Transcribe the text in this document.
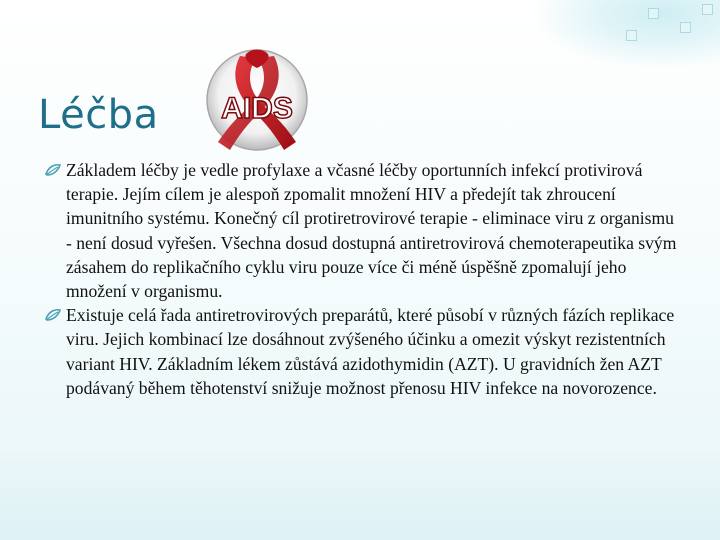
Léčba AIDS

Základem léčby je vedle profylaxe a včasné léčby oportunních infekcí protivirová terapie. Jejím cílem je alespoň zpomalit množení HIV a předejít tak zhroucení imunitního systému. Konečný cíl protiretrovirové terapie - eliminace viru z organismu - není dosud vyřešen. Všechna dosud dostupná antiretrovirová chemoterapeutika svým zásahem do replikačního cyklu viru pouze více či méně úspěšně zpomalují jeho množení v organismu.

Existuje celá řada antiretrovirových preparátů, které působí v různých fázích replikace viru. Jejich kombinací lze dosáhnout zvýšeného účinku a omezit výskyt rezistentních variant HIV. Základním lékem zůstává azidothymidin (AZT). U gravidních žen AZT podávaný během těhotenství snižuje možnost přenosu HIV infekce na novorozence.
